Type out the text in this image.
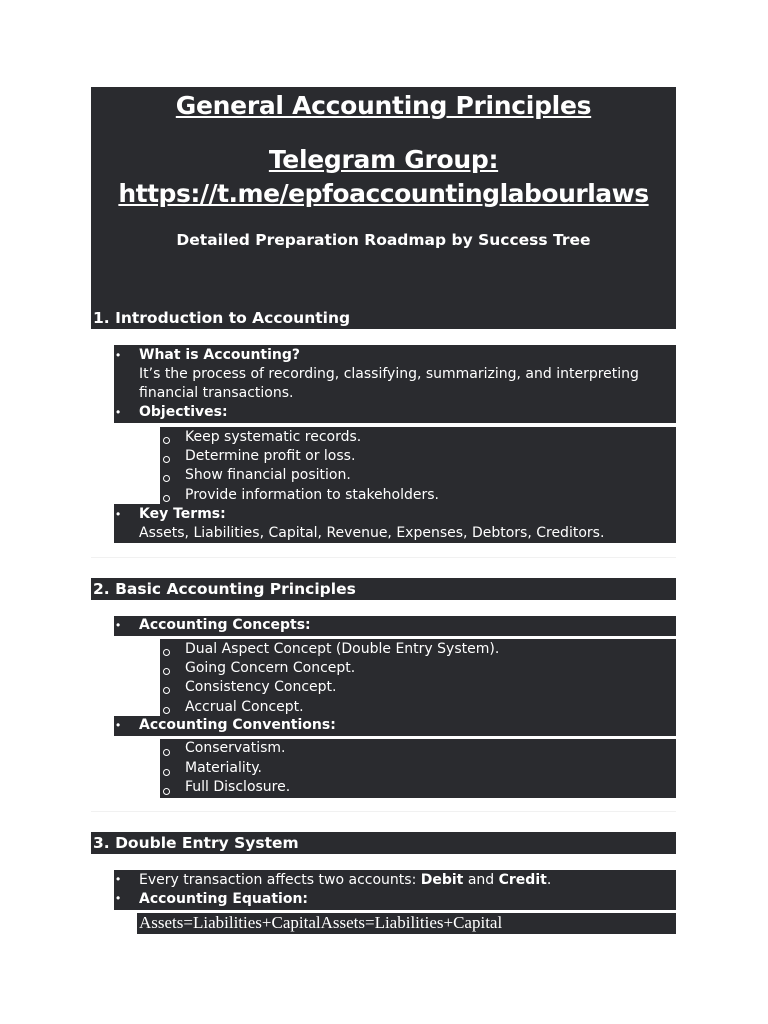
General Accounting Principles
Telegram Group:
https://t.me/epfoaccountinglabourlaws
Detailed Preparation Roadmap by Success Tree
1. Introduction to Accounting
• What is Accounting?
It’s the process of recording, classifying, summarizing, and interpreting
financial transactions.
• Objectives:
Keep systematic records.
Determine profit or loss.
Show financial position.
Provide information to stakeholders.
• Key Terms:
Assets, Liabilities, Capital, Revenue, Expenses, Debtors, Creditors.
2. Basic Accounting Principles
• Accounting Concepts:
Dual Aspect Concept (Double Entry System).
Going Concern Concept.
Consistency Concept.
Accrual Concept.
• Accounting Conventions:
Conservatism.
Materiality.
Full Disclosure.
3. Double Entry System
• Every transaction affects two accounts: Debit and Credit.
• Accounting Equation:
Assets=Liabilities+CapitalAssets=Liabilities+Capital
